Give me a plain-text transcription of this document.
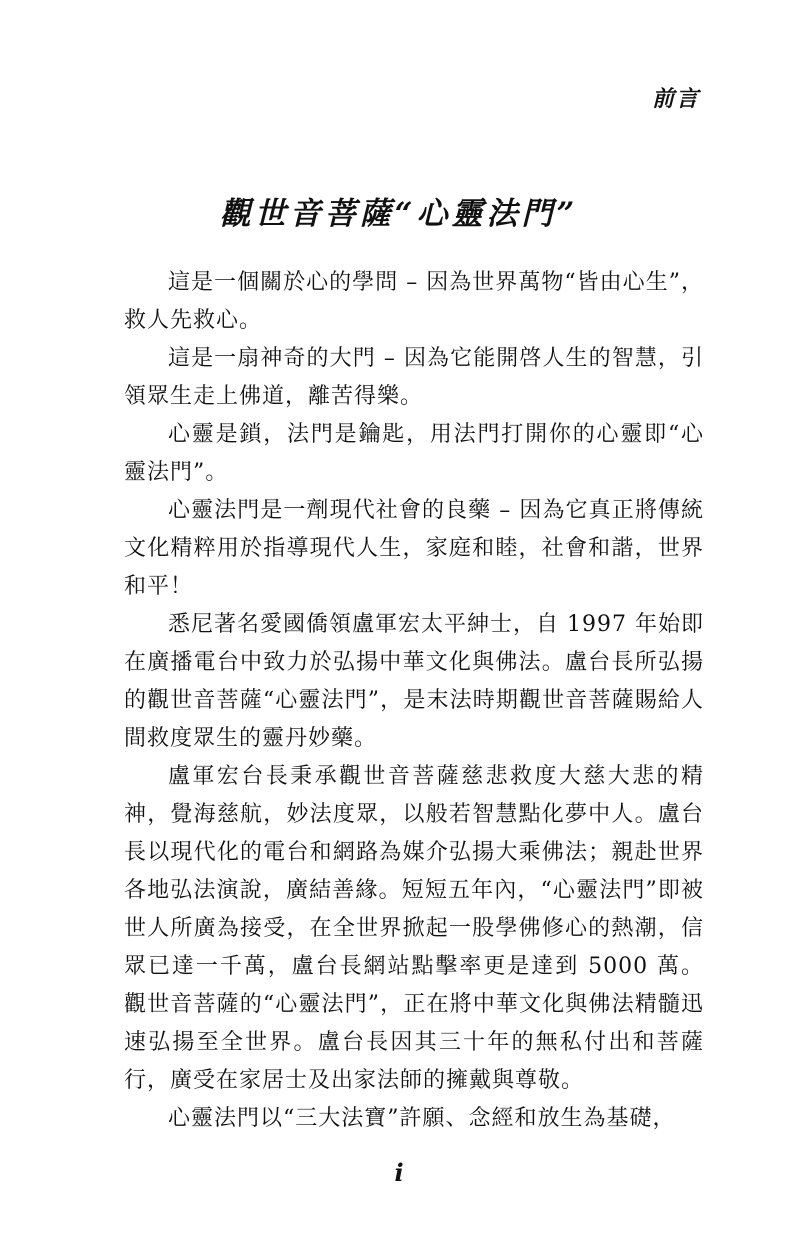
前言
觀世音菩薩“心靈法門”

這是一個關於心的學問 – 因為世界萬物“皆由心生”，救人先救心。

這是一扇神奇的大門 – 因為它能開啓人生的智慧，引領眾生走上佛道，離苦得樂。

心靈是鎖，法門是鑰匙，用法門打開你的心靈即“心靈法門”。

心靈法門是一劑現代社會的良藥 – 因為它真正將傳統文化精粹用於指導現代人生，家庭和睦，社會和諧，世界和平！

悉尼著名愛國僑領盧軍宏太平紳士，自 1997 年始即在廣播電台中致力於弘揚中華文化與佛法。盧台長所弘揚的觀世音菩薩“心靈法門”，是末法時期觀世音菩薩賜給人間救度眾生的靈丹妙藥。

盧軍宏台長秉承觀世音菩薩慈悲救度大慈大悲的精神，覺海慈航，妙法度眾，以般若智慧點化夢中人。盧台長以現代化的電台和網路為媒介弘揚大乘佛法；親赴世界各地弘法演說，廣結善緣。短短五年內，“心靈法門”即被世人所廣為接受，在全世界掀起一股學佛修心的熱潮，信眾已達一千萬，盧台長網站點擊率更是達到 5000 萬。觀世音菩薩的“心靈法門”，正在將中華文化與佛法精髓迅速弘揚至全世界。盧台長因其三十年的無私付出和菩薩行，廣受在家居士及出家法師的擁戴與尊敬。

心靈法門以“三大法寶”許願、念經和放生為基礎，

i
